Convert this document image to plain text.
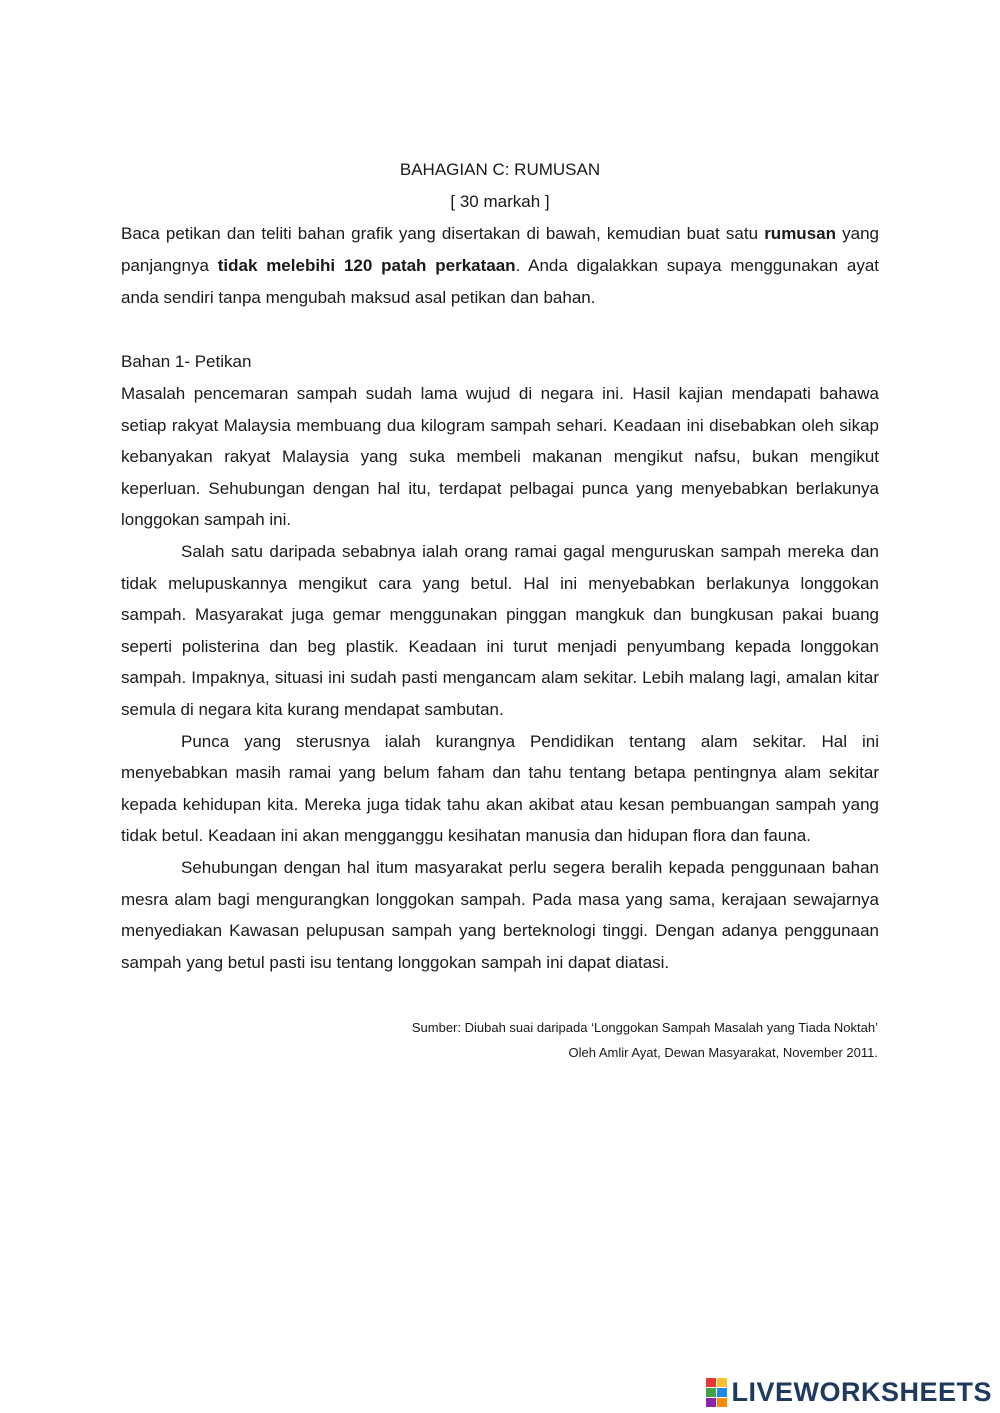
BAHAGIAN C: RUMUSAN
[ 30 markah ]
Baca petikan dan teliti bahan grafik yang disertakan di bawah, kemudian buat satu rumusan yang panjangnya tidak melebihi 120 patah perkataan. Anda digalakkan supaya menggunakan ayat anda sendiri tanpa mengubah maksud asal petikan dan bahan.
Bahan 1- Petikan

Masalah pencemaran sampah sudah lama wujud di negara ini. Hasil kajian mendapati bahawa setiap rakyat Malaysia membuang dua kilogram sampah sehari. Keadaan ini disebabkan oleh sikap kebanyakan rakyat Malaysia yang suka membeli makanan mengikut nafsu, bukan mengikut keperluan. Sehubungan dengan hal itu, terdapat pelbagai punca yang menyebabkan berlakunya longgokan sampah ini.

Salah satu daripada sebabnya ialah orang ramai gagal menguruskan sampah mereka dan tidak melupuskannya mengikut cara yang betul. Hal ini menyebabkan berlakunya longgokan sampah. Masyarakat juga gemar menggunakan pinggan mangkuk dan bungkusan pakai buang seperti polisterina dan beg plastik. Keadaan ini turut menjadi penyumbang kepada longgokan sampah. Impaknya, situasi ini sudah pasti mengancam alam sekitar. Lebih malang lagi, amalan kitar semula di negara kita kurang mendapat sambutan.

Punca yang sterusnya ialah kurangnya Pendidikan tentang alam sekitar. Hal ini menyebabkan masih ramai yang belum faham dan tahu tentang betapa pentingnya alam sekitar kepada kehidupan kita. Mereka juga tidak tahu akan akibat atau kesan pembuangan sampah yang tidak betul. Keadaan ini akan mengganggu kesihatan manusia dan hidupan flora dan fauna.

Sehubungan dengan hal itum masyarakat perlu segera beralih kepada penggunaan bahan mesra alam bagi mengurangkan longgokan sampah. Pada masa yang sama, kerajaan sewajarnya menyediakan Kawasan pelupusan sampah yang berteknologi tinggi. Dengan adanya penggunaan sampah yang betul pasti isu tentang longgokan sampah ini dapat diatasi.

Sumber: Diubah suai daripada ‘Longgokan Sampah Masalah yang Tiada Noktah’
Oleh Amlir Ayat, Dewan Masyarakat, November 2011.
LIVEWORKSHEETS
